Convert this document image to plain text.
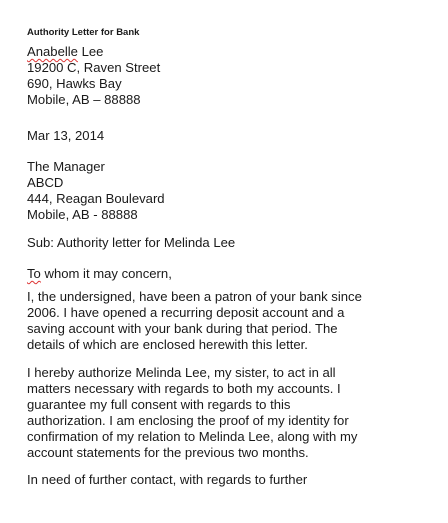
Authority Letter for Bank
Anabelle Lee
19200 C, Raven Street
690, Hawks Bay
Mobile, AB – 88888
Mar 13, 2014
The Manager
ABCD
444, Reagan Boulevard
Mobile, AB - 88888
Sub: Authority letter for Melinda Lee
To whom it may concern,
I, the undersigned, have been a patron of your bank since
2006. I have opened a recurring deposit account and a
saving account with your bank during that period. The
details of which are enclosed herewith this letter.
I hereby authorize Melinda Lee, my sister, to act in all
matters necessary with regards to both my accounts. I
guarantee my full consent with regards to this
authorization. I am enclosing the proof of my identity for
confirmation of my relation to Melinda Lee, along with my
account statements for the previous two months.
In need of further contact, with regards to further
